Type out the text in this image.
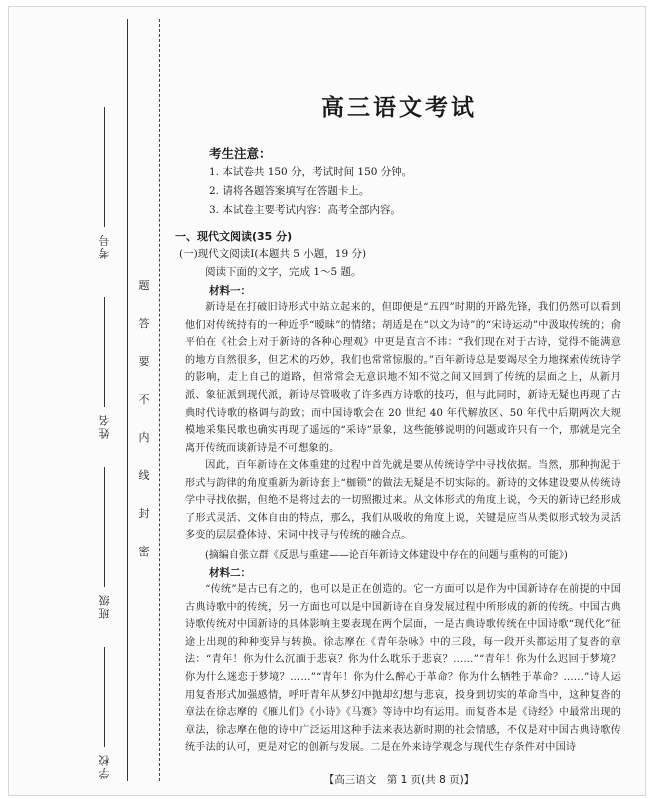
考号
姓名
班级
学校
题
答
要
不
内
线
封
密
高三语文考试
考生注意：
1. 本试卷共 150 分，考试时间 150 分钟。
2. 请将各题答案填写在答题卡上。
3. 本试卷主要考试内容：高考全部内容。
一、现代文阅读(35 分)
(一)现代文阅读Ⅰ(本题共 5 小题，19 分)
阅读下面的文字，完成 1～5 题。
材料一：
新诗是在打破旧诗形式中站立起来的，但即便是“五四”时期的开路先锋，我们仍然可以看到他们对传统持有的一种近乎“暧昧”的情绪；胡适是在“以文为诗”的“宋诗运动”中汲取传统的；俞平伯在《社会上对于新诗的各种心理观》中更是直言不讳：“我们现在对于古诗，觉得不能满意的地方自然很多，但艺术的巧妙，我们也常常惊服的。”百年新诗总是要竭尽全力地探索传统诗学的影响，走上自己的道路，但常常会无意识地不知不觉之间又回到了传统的层面之上，从新月派、象征派到现代派，新诗尽管吸收了许多西方诗歌的技巧，但与此同时，新诗无疑也再现了古典时代诗歌的格调与韵致；而中国诗歌会在 20 世纪 40 年代解放区、50 年代中后期两次大规模地采集民歌也确实再现了遥远的“采诗”景象，这些能够说明的问题或许只有一个，那就是完全离开传统而谈新诗是不可想象的。
因此，百年新诗在文体重建的过程中首先就是要从传统诗学中寻找依据。当然，那种拘泥于形式与韵律的角度重新为新诗套上“枷锁”的做法无疑是不切实际的。新诗的文体建设要从传统诗学中寻找依据，但绝不是将过去的一切照搬过来。从文体形式的角度上说，今天的新诗已经形成了形式灵活、文体自由的特点，那么，我们从吸收的角度上说，关键是应当从类似形式较为灵活多变的层层叠体诗、宋词中找寻与传统的融合点。
(摘编自张立群《反思与重建——论百年新诗文体建设中存在的问题与重构的可能》)
材料二：
“传统”是古已有之的，也可以是正在创造的。它一方面可以是作为中国新诗存在前提的中国古典诗歌中的传统，另一方面也可以是中国新诗在自身发展过程中所形成的新的传统。中国古典诗歌传统对中国新诗的具体影响主要表现在两个层面，一是古典诗歌传统在中国诗歌“现代化”征途上出现的种种变异与转换。徐志摩在《青年杂咏》中的三段，每一段开头都运用了复沓的章法：“青年！你为什么沉湎于悲哀？你为什么耽乐于悲哀？……”“青年！你为什么迟回于梦境？你为什么迷恋于梦境？……”“青年！你为什么醉心于革命？你为什么牺牲于革命？……”诗人运用复沓形式加强感情，呼吁青年从梦幻中抛却幻想与悲哀，投身到切实的革命当中，这种复沓的章法在徐志摩的《雁儿们》《小诗》《马赛》等诗中均有运用。而复沓本是《诗经》中最常出现的章法，徐志摩在他的诗中广泛运用这种手法来表达新时期的社会情感，不仅是对中国古典诗歌传统手法的认可，更是对它的创新与发展。二是在外来诗学观念与现代生存条件对中国诗
【高三语文　第 1 页(共 8 页)】
